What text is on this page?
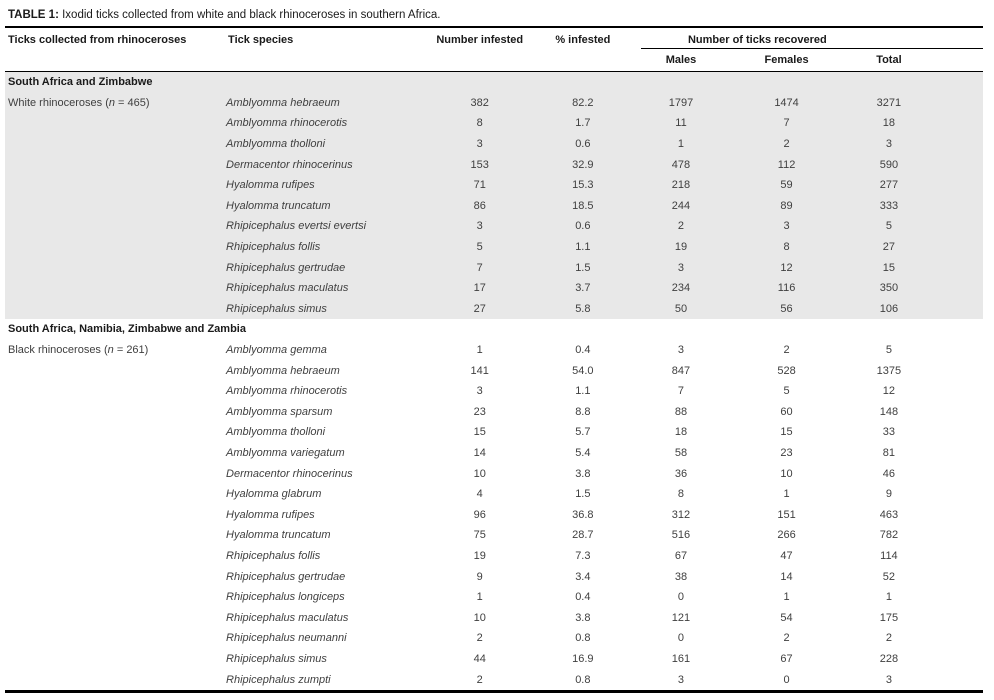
TABLE 1: Ixodid ticks collected from white and black rhinoceroses in southern Africa.
Ticks collected from rhinoceroses	Tick species	Number infested	% infested	Number of ticks recovered		
				Males	Females	Total
South Africa and Zimbabwe						
White rhinoceroses (n = 465)	Amblyomma hebraeum	382	82.2	1797	1474	3271
	Amblyomma rhinocerotis	8	1.7	11	7	18
	Amblyomma tholloni	3	0.6	1	2	3
	Dermacentor rhinocerinus	153	32.9	478	112	590
	Hyalomma rufipes	71	15.3	218	59	277
	Hyalomma truncatum	86	18.5	244	89	333
	Rhipicephalus evertsi evertsi	3	0.6	2	3	5
	Rhipicephalus follis	5	1.1	19	8	27
	Rhipicephalus gertrudae	7	1.5	3	12	15
	Rhipicephalus maculatus	17	3.7	234	116	350
	Rhipicephalus simus	27	5.8	50	56	106
South Africa, Namibia, Zimbabwe and Zambia						
Black rhinoceroses (n = 261)	Amblyomma gemma	1	0.4	3	2	5
	Amblyomma hebraeum	141	54.0	847	528	1375
	Amblyomma rhinocerotis	3	1.1	7	5	12
	Amblyomma sparsum	23	8.8	88	60	148
	Amblyomma tholloni	15	5.7	18	15	33
	Amblyomma variegatum	14	5.4	58	23	81
	Dermacentor rhinocerinus	10	3.8	36	10	46
	Hyalomma glabrum	4	1.5	8	1	9
	Hyalomma rufipes	96	36.8	312	151	463
	Hyalomma truncatum	75	28.7	516	266	782
	Rhipicephalus follis	19	7.3	67	47	114
	Rhipicephalus gertrudae	9	3.4	38	14	52
	Rhipicephalus longiceps	1	0.4	0	1	1
	Rhipicephalus maculatus	10	3.8	121	54	175
	Rhipicephalus neumanni	2	0.8	0	2	2
	Rhipicephalus simus	44	16.9	161	67	228
	Rhipicephalus zumpti	2	0.8	3	0	3
